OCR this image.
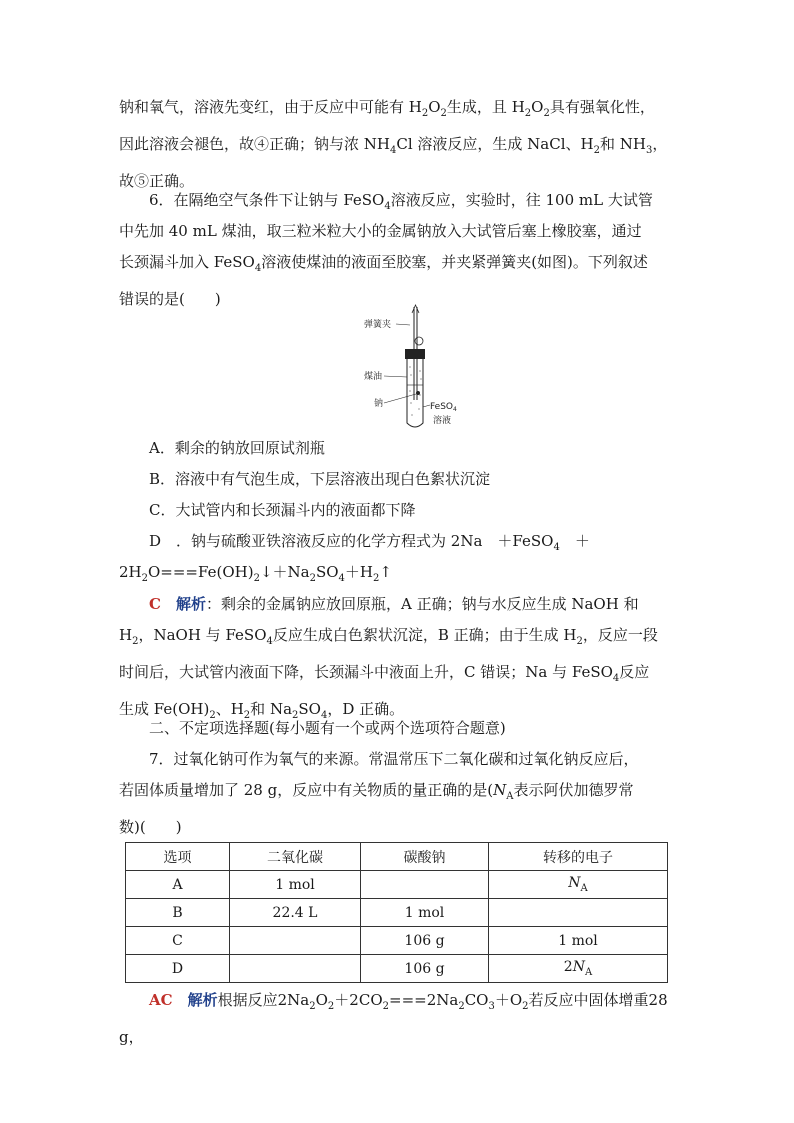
钠和氧气，溶液先变红，由于反应中可能有 $H_2O_2$生成，且 $H_2O_2$具有强氧化性，
因此溶液会褪色，故④正确；钠与浓 $NH_4Cl$ 溶液反应，生成 NaCl、$H_2$和 $NH_3$，
故⑤正确。

6．在隔绝空气条件下让钠与 FeSO$_4$溶液反应，实验时，往 100 mL 大试管

中先加 40 mL 煤油，取三粒米粒大小的金属钠放入大试管后塞上橡胶塞，通过
长颈漏斗加入 FeSO$_4$溶液使煤油的液面至胶塞，并夹紧弹簧夹(如图)。下列叙述
错误的是(　　)

弹簧夹
煤油
钠	FeSO$_4$
溶液

A．剩余的钠放回原试剂瓶

B．溶液中有气泡生成，下层溶液出现白色絮状沉淀

C．大试管内和长颈漏斗内的液面都下降

D　．钠与硫酸亚铁溶液反应的化学方程式为 2Na　＋FeSO$_4$　＋

$2H_2O===Fe(OH)_2↓+Na_2SO_4+H_2↑$

C　 解析：剩余的金属钠应放回原瓶，A 正确；钠与水反应生成 NaOH 和

$H_2$，NaOH 与 FeSO$_4$反应生成白色絮状沉淀，B 正确；由于生成 $H_2$，反应一段
时间后，大试管内液面下降，长颈漏斗中液面上升，C 错误；Na 与 FeSO$_4$反应
生成 $Fe(OH)_2$、$H_2$和 $Na_2SO_4$，D 正确。

二、不定项选择题(每小题有一个或两个选项符合题意)

7．过氧化钠可作为氧气的来源。常温常压下二氧化碳和过氧化钠反应后，

若固体质量增加了 28 g，反应中有关物质的量正确的是($N_A$表示阿伏加德罗常
数)(　　)

选项	二氧化碳	碳酸钠	转移的电子
A	1 mol		$N_A$
B	22.4 L	1 mol	
C		106 g	1 mol
D		106 g	$2N_A$

AC　 解析根据反应$2Na_2O_2+2CO_2===2Na_2CO_3+O_2$若反应中固体增重28 g，
